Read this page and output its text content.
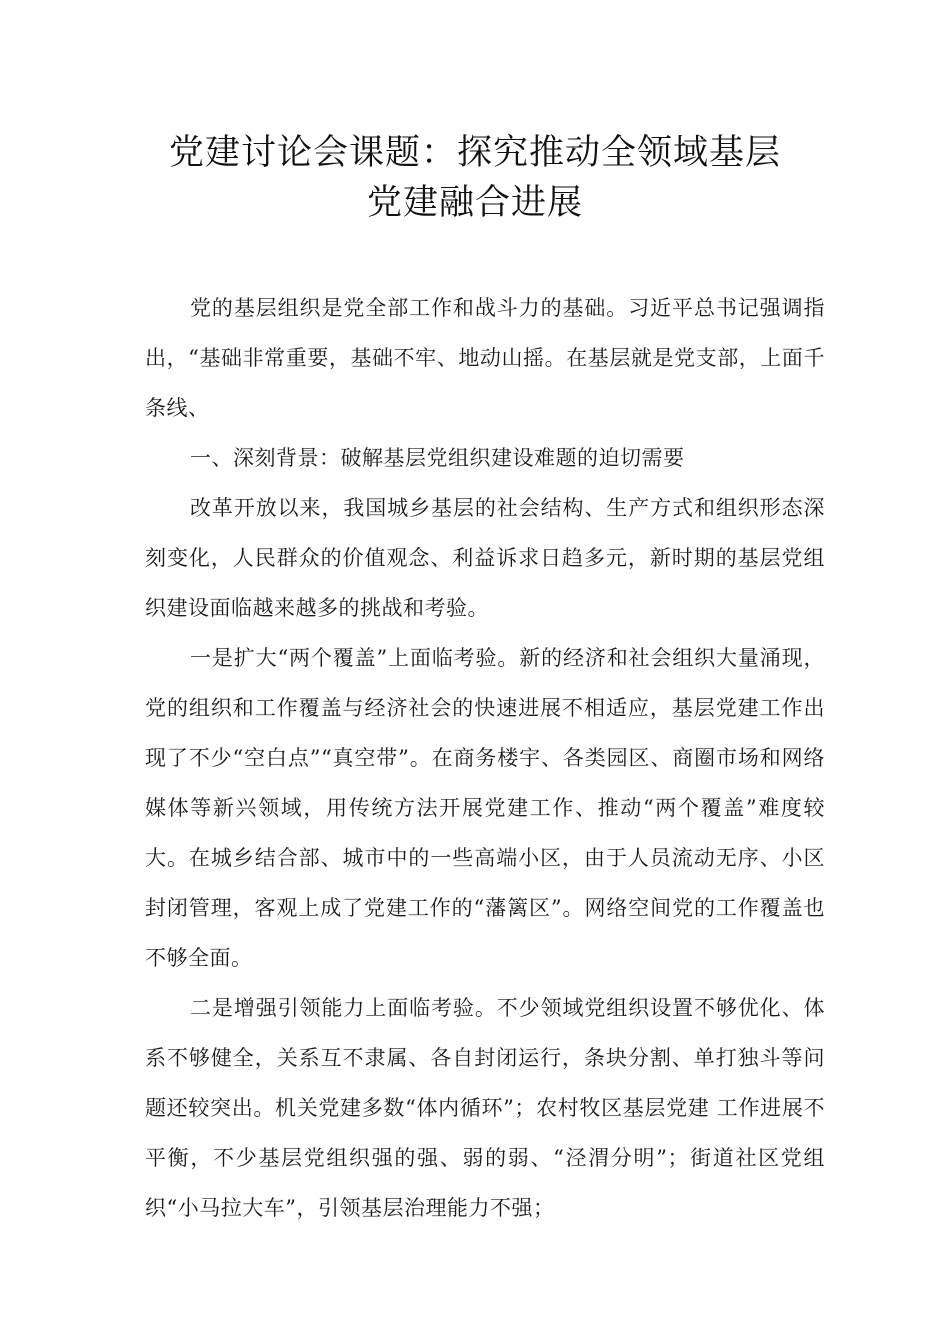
党建讨论会课题：探究推动全领域基层
党建融合进展

党的基层组织是党全部工作和战斗力的基础。习近平总书记强调指出，“基础非常重要，基础不牢、地动山摇。在基层就是党支部，上面千条线、

一、深刻背景：破解基层党组织建设难题的迫切需要

改革开放以来，我国城乡基层的社会结构、生产方式和组织形态深刻变化，人民群众的价值观念、利益诉求日趋多元，新时期的基层党组织建设面临越来越多的挑战和考验。

一是扩大“两个覆盖”上面临考验。新的经济和社会组织大量涌现，党的组织和工作覆盖与经济社会的快速进展不相适应，基层党建工作出现了不少“空白点”“真空带”。在商务楼宇、各类园区、商圈市场和网络媒体等新兴领域，用传统方法开展党建工作、推动“两个覆盖”难度较大。在城乡结合部、城市中的一些高端小区，由于人员流动无序、小区封闭管理，客观上成了党建工作的“藩篱区”。网络空间党的工作覆盖也不够全面。

二是增强引领能力上面临考验。不少领域党组织设置不够优化、体系不够健全，关系互不隶属、各自封闭运行，条块分割、单打独斗等问题还较突出。机关党建多数“体内循环”；农村牧区基层党建 工作进展不平衡，不少基层党组织强的强、弱的弱、“泾渭分明”；街道社区党组织“小马拉大车”，引领基层治理能力不强；
